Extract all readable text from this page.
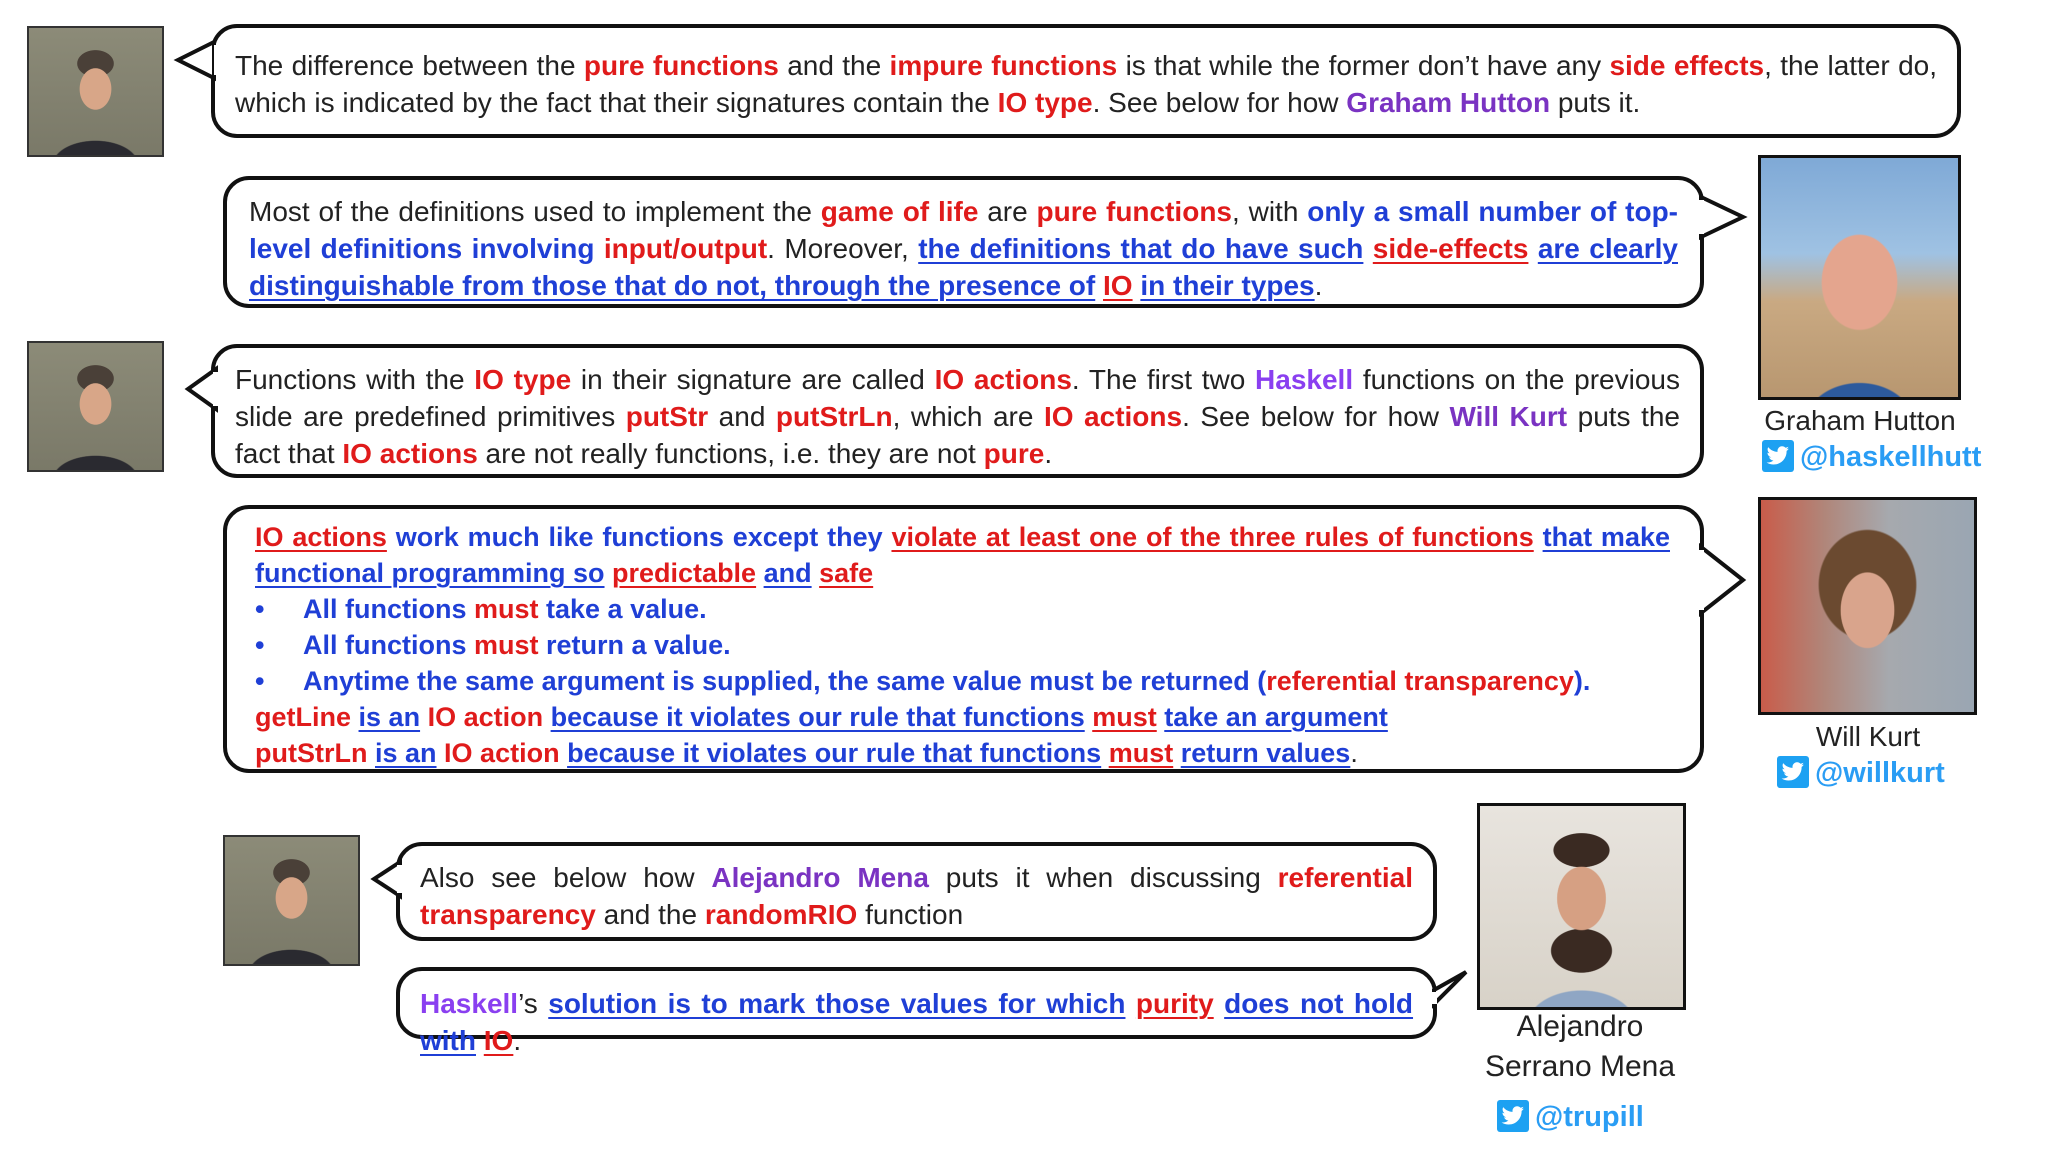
The difference between the pure functions and the impure functions is that while the former don’t have any side effects, the latter do, which is indicated by the fact that their signatures contain the IO type. See below for how Graham Hutton puts it.
Most of the definitions used to implement the game of life are pure functions, with only a small number of top-level definitions involving input/output. Moreover, the definitions that do have such side-effects are clearly distinguishable from those that do not, through the presence of IO in their types.
Graham Hutton
@haskellhutt
Functions with the IO type in their signature are called IO actions. The first two Haskell functions on the previous slide are predefined primitives putStr and putStrLn, which are IO actions. See below for how Will Kurt puts the fact that IO actions are not really functions, i.e. they are not pure.
IO actions work much like functions except they violate at least one of the three rules of functions that make functional programming so predictable and safe
•	All functions must take a value.
•	All functions must return a value.
•	Anytime the same argument is supplied, the same value must be returned (referential transparency).
getLine is an IO action because it violates our rule that functions must take an argument
putStrLn is an IO action because it violates our rule that functions must return values.
Will Kurt
@willkurt
Also see below how Alejandro Mena puts it when discussing referential transparency and the randomRIO function
Haskell’s solution is to mark those values for which purity does not hold with IO.	Alejandro
Serrano Mena
@trupill
